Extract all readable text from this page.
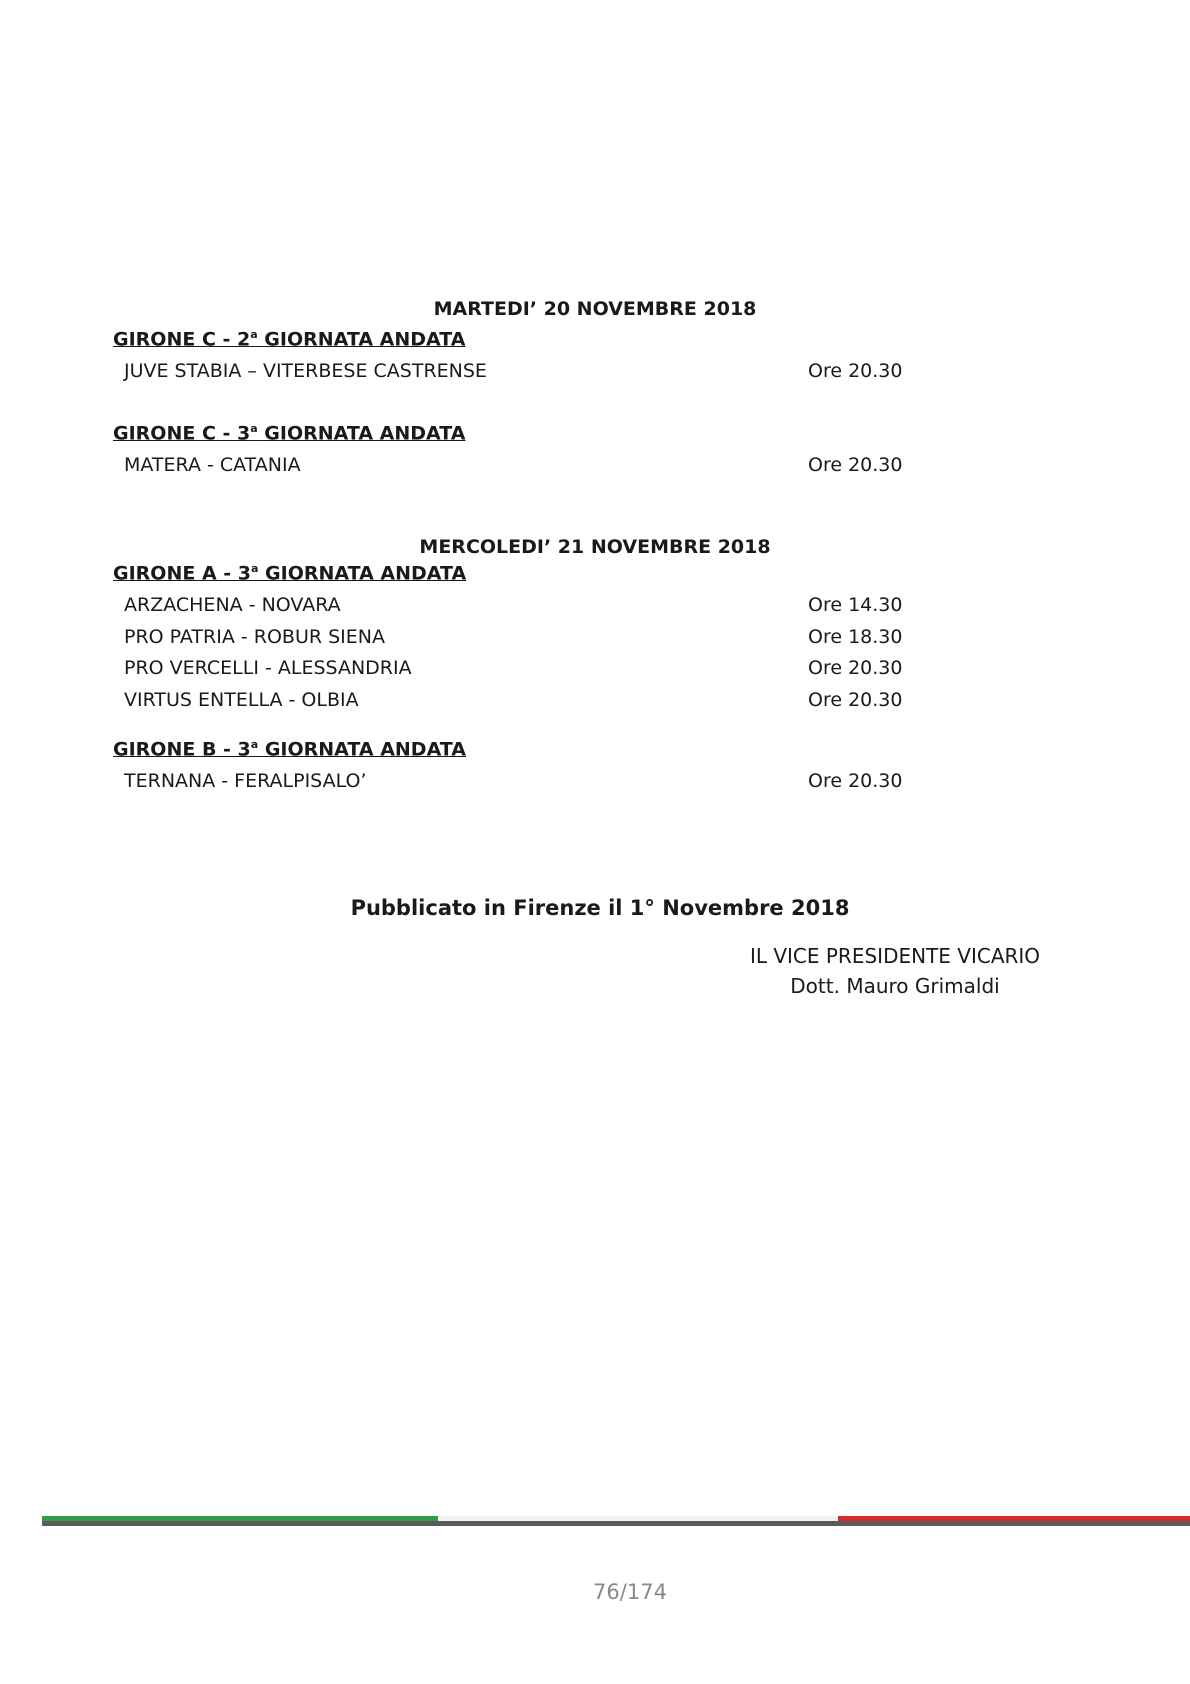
MARTEDI’ 20 NOVEMBRE 2018
GIRONE C - 2$^a$ GIORNATA ANDATA
JUVE STABIA – VITERBESE CASTRENSE	Ore 20.30
GIRONE C - 3$^a$ GIORNATA ANDATA
MATERA - CATANIA	Ore 20.30
MERCOLEDI’ 21 NOVEMBRE 2018
GIRONE A - 3$^a$ GIORNATA ANDATA
ARZACHENA - NOVARA	Ore 14.30
PRO PATRIA - ROBUR SIENA	Ore 18.30
PRO VERCELLI - ALESSANDRIA	Ore 20.30
VIRTUS ENTELLA - OLBIA	Ore 20.30
GIRONE B - 3$^a$ GIORNATA ANDATA
TERNANA - FERALPISALO’	Ore 20.30
Pubblicato in Firenze il 1° Novembre 2018
IL VICE PRESIDENTE VICARIO
Dott. Mauro Grimaldi
76/174
